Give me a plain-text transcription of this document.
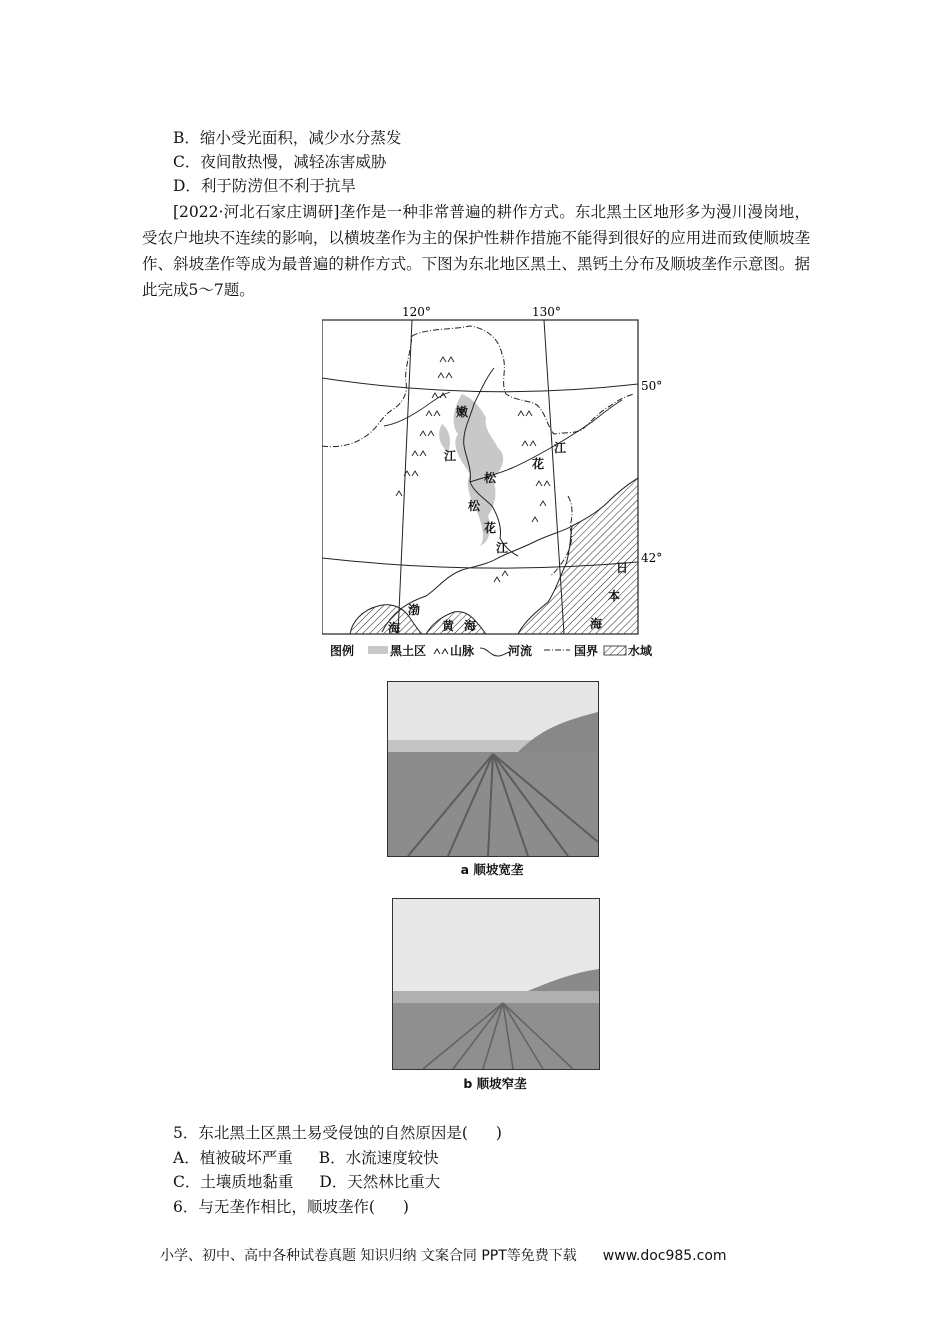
B．缩小受光面积，减少水分蒸发
C．夜间散热慢，减轻冻害威胁
D．利于防涝但不利于抗旱
[2022·河北石家庄调研]垄作是一种非常普遍的耕作方式。东北黑土区地形多为漫川漫岗地，受农户地块不连续的影响，以横坡垄作为主的保护性耕作措施不能得到很好的应用进而致使顺坡垄作、斜坡垄作等成为最普遍的耕作方式。下图为东北地区黑土、黑钙土分布及顺坡垄作示意图。据此完成5～7题。
120°	130°
50°
42°
嫩
江
松
花
江
松
花
江
日
本
海
渤
海	黄 海
图例	黑土区 山脉	河流	国界 水域
a 顺坡宽垄
b 顺坡窄垄
5．东北黑土区黑土易受侵蚀的自然原因是( )
A．植被破坏严重 B．水流速度较快
C．土壤质地黏重 D．天然林比重大
6．与无垄作相比，顺坡垄作( )
小学、初中、高中各种试卷真题 知识归纳 文案合同 PPT等免费下载 www.doc985.com
